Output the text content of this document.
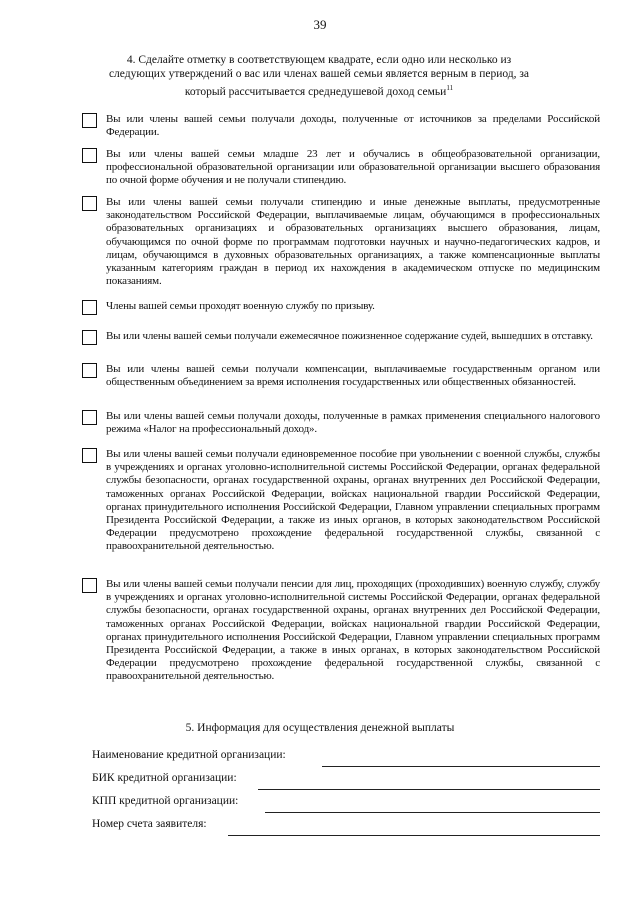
39
4. Сделайте отметку в соответствующем квадрате, если одно или несколько из следующих утверждений о вас или членах вашей семьи является верным в период, за который рассчитывается среднедушевой доход семьи$^{11}$
Вы или члены вашей семьи получали доходы, полученные от источников за пределами Российской Федерации.
Вы или члены вашей семьи младше 23 лет и обучались в общеобразовательной организации, профессиональной образовательной организации или образовательной организации высшего образования по очной форме обучения и не получали стипендию.
Вы или члены вашей семьи получали стипендию и иные денежные выплаты, предусмотренные законодательством Российской Федерации, выплачиваемые лицам, обучающимся в профессиональных образовательных организациях и образовательных организациях высшего образования, лицам, обучающимся по очной форме по программам подготовки научных и научно-педагогических кадров, и лицам, обучающимся в духовных образовательных организациях, а также компенсационные выплаты указанным категориям граждан в период их нахождения в академическом отпуске по медицинским показаниям.
Члены вашей семьи проходят военную службу по призыву.
Вы или члены вашей семьи получали ежемесячное пожизненное содержание судей, вышедших в отставку.
Вы или члены вашей семьи получали компенсации, выплачиваемые государственным органом или общественным объединением за время исполнения государственных или общественных обязанностей.
Вы или члены вашей семьи получали доходы, полученные в рамках применения специального налогового режима «Налог на профессиональный доход».
Вы или члены вашей семьи получали единовременное пособие при увольнении с военной службы, службы в учреждениях и органах уголовно-исполнительной системы Российской Федерации, органах федеральной службы безопасности, органах государственной охраны, органах внутренних дел Российской Федерации, таможенных органах Российской Федерации, войсках национальной гвардии Российской Федерации, органах принудительного исполнения Российской Федерации, Главном управлении специальных программ Президента Российской Федерации, а также из иных органов, в которых законодательством Российской Федерации предусмотрено прохождение федеральной государственной службы, связанной с правоохранительной деятельностью.
Вы или члены вашей семьи получали пенсии для лиц, проходящих (проходивших) военную службу, службу в учреждениях и органах уголовно-исполнительной системы Российской Федерации, органах федеральной службы безопасности, органах государственной охраны, органах внутренних дел Российской Федерации, таможенных органах Российской Федерации, войсках национальной гвардии Российской Федерации, органах принудительного исполнения Российской Федерации, Главном управлении специальных программ Президента Российской Федерации, а также в иных органах, в которых законодательством Российской Федерации предусмотрено прохождение федеральной государственной службы, связанной с правоохранительной деятельностью.
5. Информация для осуществления денежной выплаты
Наименование кредитной организации:
БИК кредитной организации:
КПП кредитной организации:
Номер счета заявителя:
